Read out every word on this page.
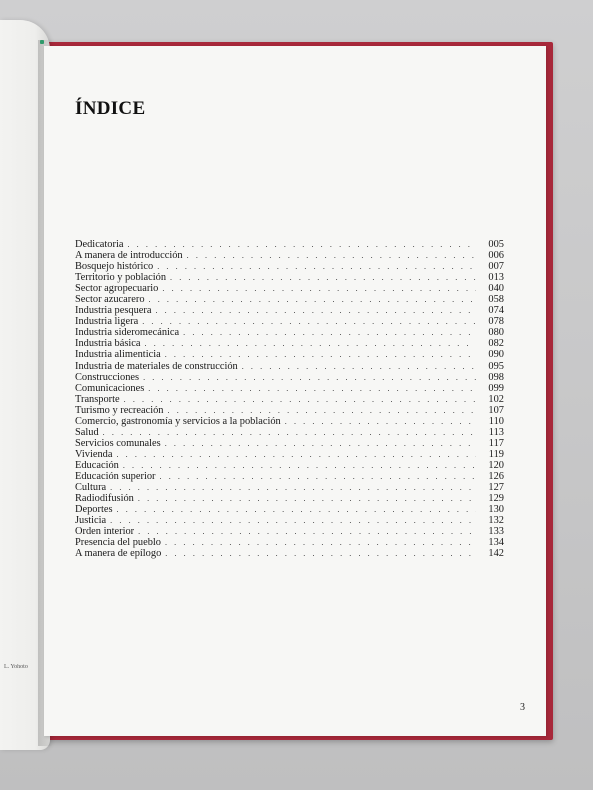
L. Yohoto
ÍNDICE
Dedicatoria . . .	005
A manera de introducción . . .	006
Bosquejo histórico . . .	007
Territorio y población . . .	013
Sector agropecuario . . .	040
Sector azucarero . . .	058
Industria pesquera . . .	074
Industria ligera . . .	078
Industria sideromecánica . . .	080
Industria básica . . .	082
Industria alimenticia . . .	090
Industria de materiales de construcción . . .	095
Construcciones . . .	098
Comunicaciones . . .	099
Transporte . . .	102
Turismo y recreación . . .	107
Comercio, gastronomía y servicios a la población . . .	110
Salud . . .	113
Servicios comunales . . .	117
Vivienda . . .	119
Educación . . .	120
Educación superior . . .	126
Cultura . . .	127
Radiodifusión . . .	129
Deportes . . .	130
Justicia . . .	132
Orden interior . . .	133
Presencia del pueblo . . .	134
A manera de epílogo . . .	142
3
